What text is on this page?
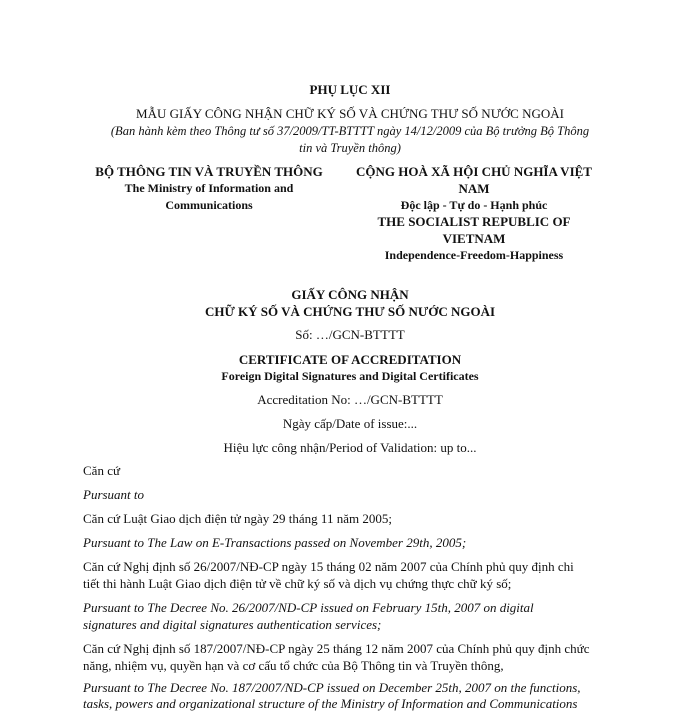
PHỤ LỤC XII
MẪU GIẤY CÔNG NHẬN CHỮ KÝ SỐ VÀ CHỨNG THƯ SỐ NƯỚC NGOÀI
(Ban hành kèm theo Thông tư số 37/2009/TT-BTTTT ngày 14/12/2009 của Bộ trưởng Bộ Thông
tin và Truyền thông)
BỘ THÔNG TIN VÀ TRUYỀN THÔNG
The Ministry of Information and
Communications
CỘNG HOÀ XÃ HỘI CHỦ NGHĨA VIỆT
NAM
Độc lập - Tự do - Hạnh phúc
THE SOCIALIST REPUBLIC OF
VIETNAM
Independence-Freedom-Happiness
GIẤY CÔNG NHẬN
CHỮ KÝ SỐ VÀ CHỨNG THƯ SỐ NƯỚC NGOÀI
Số: …/GCN-BTTTT
CERTIFICATE OF ACCREDITATION
Foreign Digital Signatures and Digital Certificates
Accreditation No: …/GCN-BTTTT
Ngày cấp/Date of issue:...
Hiệu lực công nhận/Period of Validation: up to...
Căn cứ
Pursuant to
Căn cứ Luật Giao dịch điện tử ngày 29 tháng 11 năm 2005;
Pursuant to The Law on E-Transactions passed on November 29th, 2005;
Căn cứ Nghị định số 26/2007/NĐ-CP ngày 15 tháng 02 năm 2007 của Chính phủ quy định chi
tiết thi hành Luật Giao dịch điện tử về chữ ký số và dịch vụ chứng thực chữ ký số;
Pursuant to The Decree No. 26/2007/ND-CP issued on February 15th, 2007 on digital
signatures and digital signatures authentication services;
Căn cứ Nghị định số 187/2007/NĐ-CP ngày 25 tháng 12 năm 2007 của Chính phủ quy định chức
năng, nhiệm vụ, quyền hạn và cơ cấu tổ chức của Bộ Thông tin và Truyền thông,
Pursuant to The Decree No. 187/2007/ND-CP issued on December 25th, 2007 on the functions,
tasks, powers and organizational structure of the Ministry of Information and Communications
